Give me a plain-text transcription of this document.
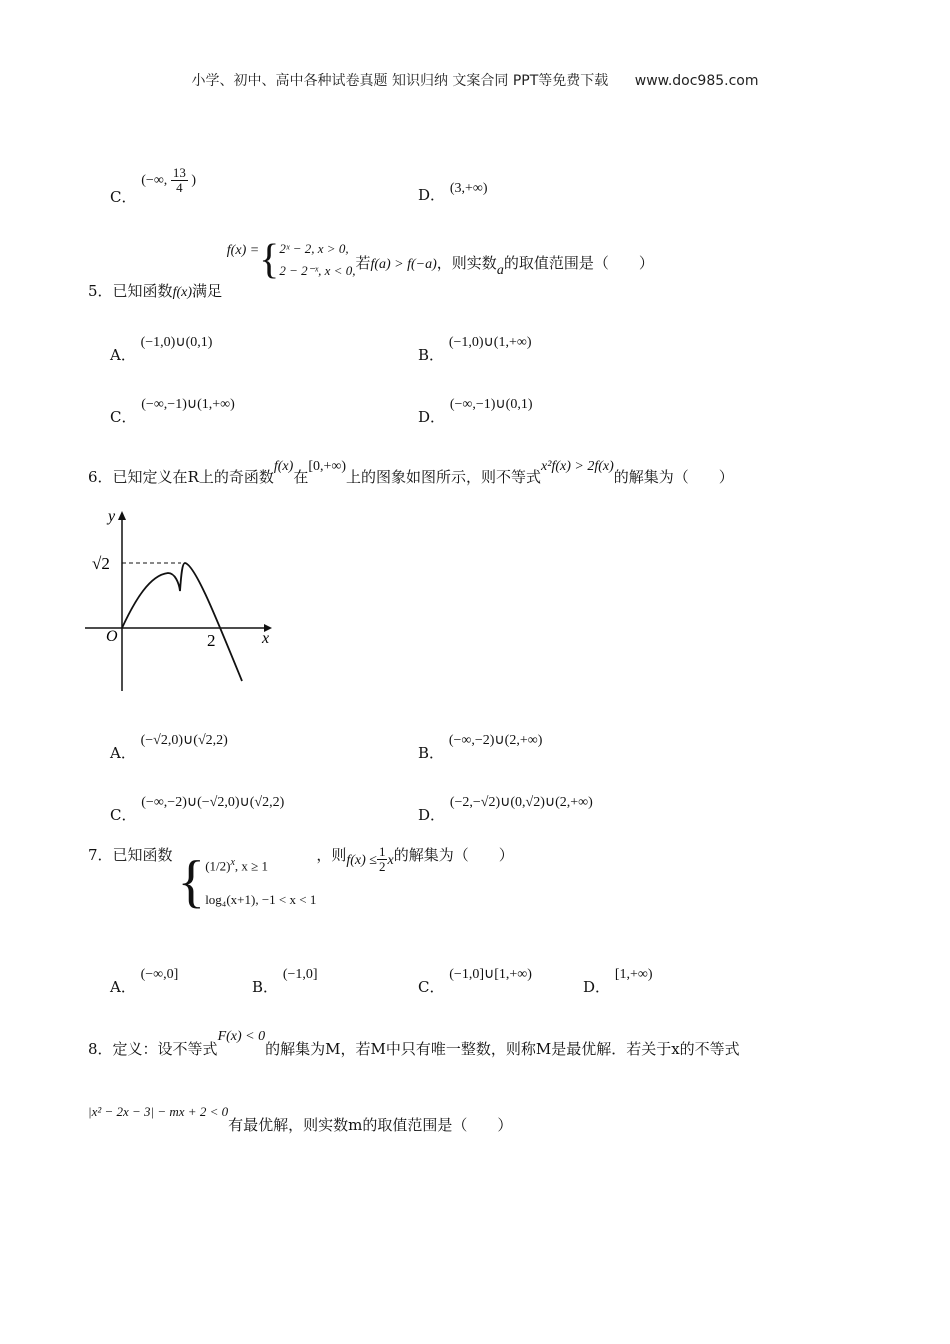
小学、初中、高中各种试卷真题 知识归纳 文案合同 PPT等免费下载 www.doc985.com
C． (−∞, $\frac{13}{4}$ )
D． (3,+∞)
5．已知函数f(x)满足 f(x) ={ 2ˣ − 2, x > 0,
2 − 2⁻ˣ, x < 0, 若f(a) > f(−a)，则实数a的取值范围是（　　）
A． (−1,0)∪(0,1)
B． (−1,0)∪(1,+∞)
C． (−∞,−1)∪(1,+∞)
D． (−∞,−1)∪(0,1)
6．已知定义在R上的奇函数f(x)在[0,+∞)上的图象如图所示，则不等式x²f(x) > 2f(x)的解集为（　　）
y
x
O
√2
2
A． (−√2,0)∪(√2,2)
B． (−∞,−2)∪(2,+∞)
C． (−∞,−2)∪(−√2,0)∪(√2,2)
D． (−2,−√2)∪(0,√2)∪(2,+∞)
7．已知函数 { $(1/2)^x$, x ≥ 1
log₄(x+1), −1 < x < 1
，则$f(x) \le \frac{1}{2}$ x的解集为（　　）
A． (−∞,0]
B． (−1,0]
C． (−1,0]∪[1,+∞)
D． [1,+∞)
8．定义：设不等式F(x) < 0的解集为M，若M中只有唯一整数，则称M是最优解．若关于x的不等式
|x² − 2x − 3| − mx + 2 < 0有最优解，则实数m的取值范围是（　　）
